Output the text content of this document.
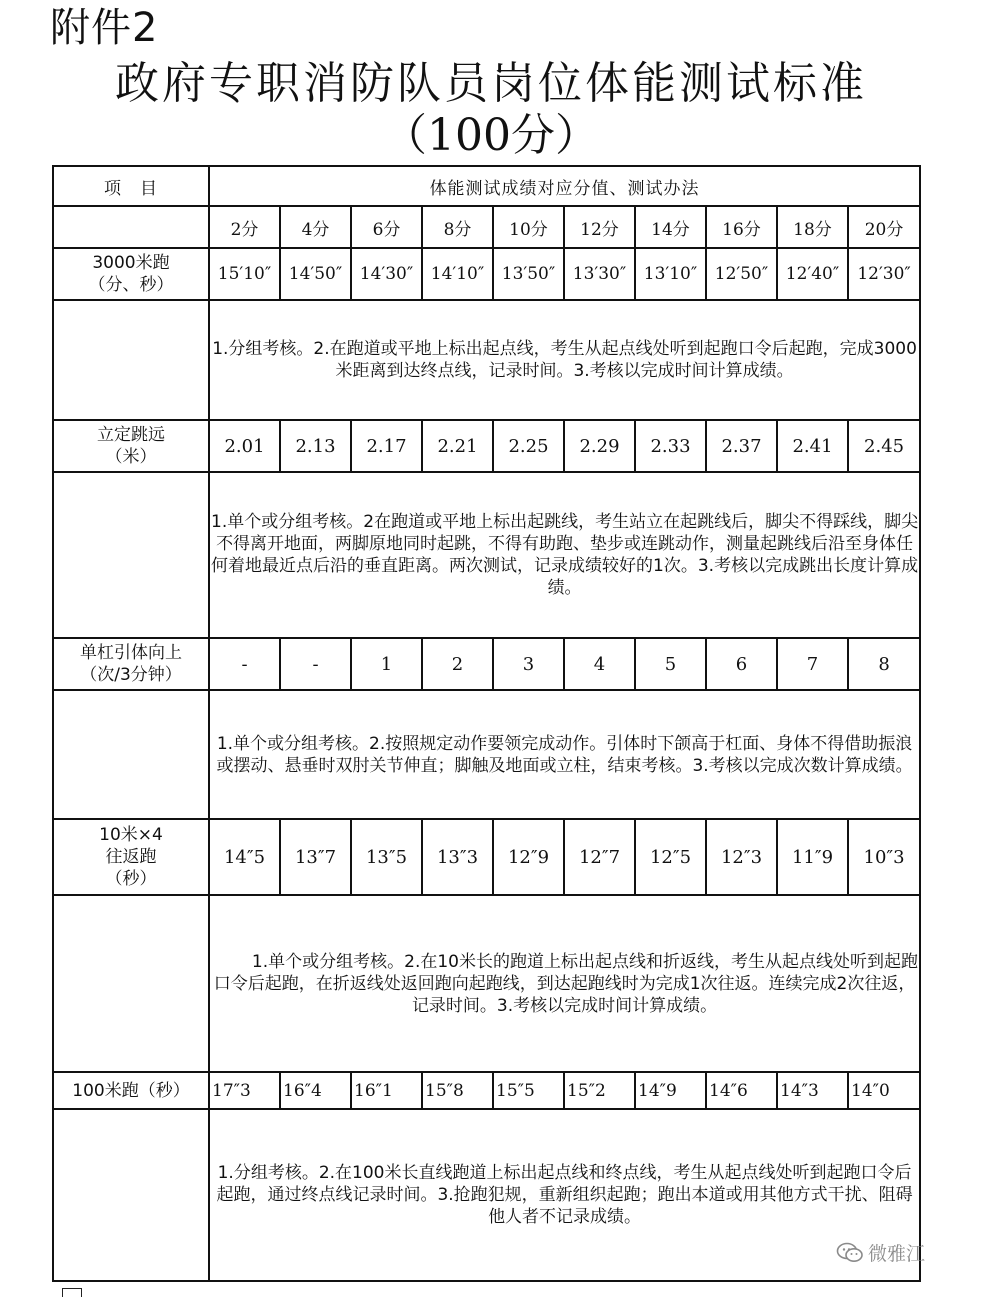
附件2
政府专职消防队员岗位体能测试标准
（100分）
项　目	体能测试成绩对应分值、测试办法									
	2分	4分	6分	8分	10分	12分	14分	16分	18分	20分

3000米跑
（分、秒）	15′10″	14′50″	14′30″	14′10″	13′50″	13′30″	13′10″	12′50″	12′40″	12′30″
	1.分组考核。2.在跑道或平地上标出起点线，考生从起点线处听到起跑口令后起跑，完成3000米距离到达终点线，记录时间。3.考核以完成时间计算成绩。									

立定跳远
（米）	2.01	2.13	2.17	2.21	2.25	2.29	2.33	2.37	2.41	2.45
	1.单个或分组考核。2在跑道或平地上标出起跳线，考生站立在起跳线后，脚尖不得踩线，脚尖不得离开地面，两脚原地同时起跳，不得有助跑、垫步或连跳动作，测量起跳线后沿至身体任何着地最近点后沿的垂直距离。两次测试，记录成绩较好的1次。3.考核以完成跳出长度计算成绩。									

单杠引体向上
（次/3分钟）	-	-	1	2	3	4	5	6	7	8
	1.单个或分组考核。2.按照规定动作要领完成动作。引体时下颌高于杠面、身体不得借助振浪或摆动、悬垂时双肘关节伸直；脚触及地面或立柱，结束考核。3.考核以完成次数计算成绩。									

10米×4
往返跑
（秒）	14″5	13″7	13″5	13″3	12″9	12″7	12″5	12″3	11″9	10″3
	1.单个或分组考核。2.在10米长的跑道上标出起点线和折返线，考生从起点线处听到起跑口令后起跑，在折返线处返回跑向起跑线，到达起跑线时为完成1次往返。连续完成2次往返，记录时间。3.考核以完成时间计算成绩。									
100米跑（秒）	17″3	16″4	16″1	15″8	15″5	15″2	14″9	14″6	14″3	14″0
	1.分组考核。2.在100米长直线跑道上标出起点线和终点线，考生从起点线处听到起跑口令后起跑，通过终点线记录时间。3.抢跑犯规，重新组织起跑；跑出本道或用其他方式干扰、阻碍他人者不记录成绩。									
微雅江
